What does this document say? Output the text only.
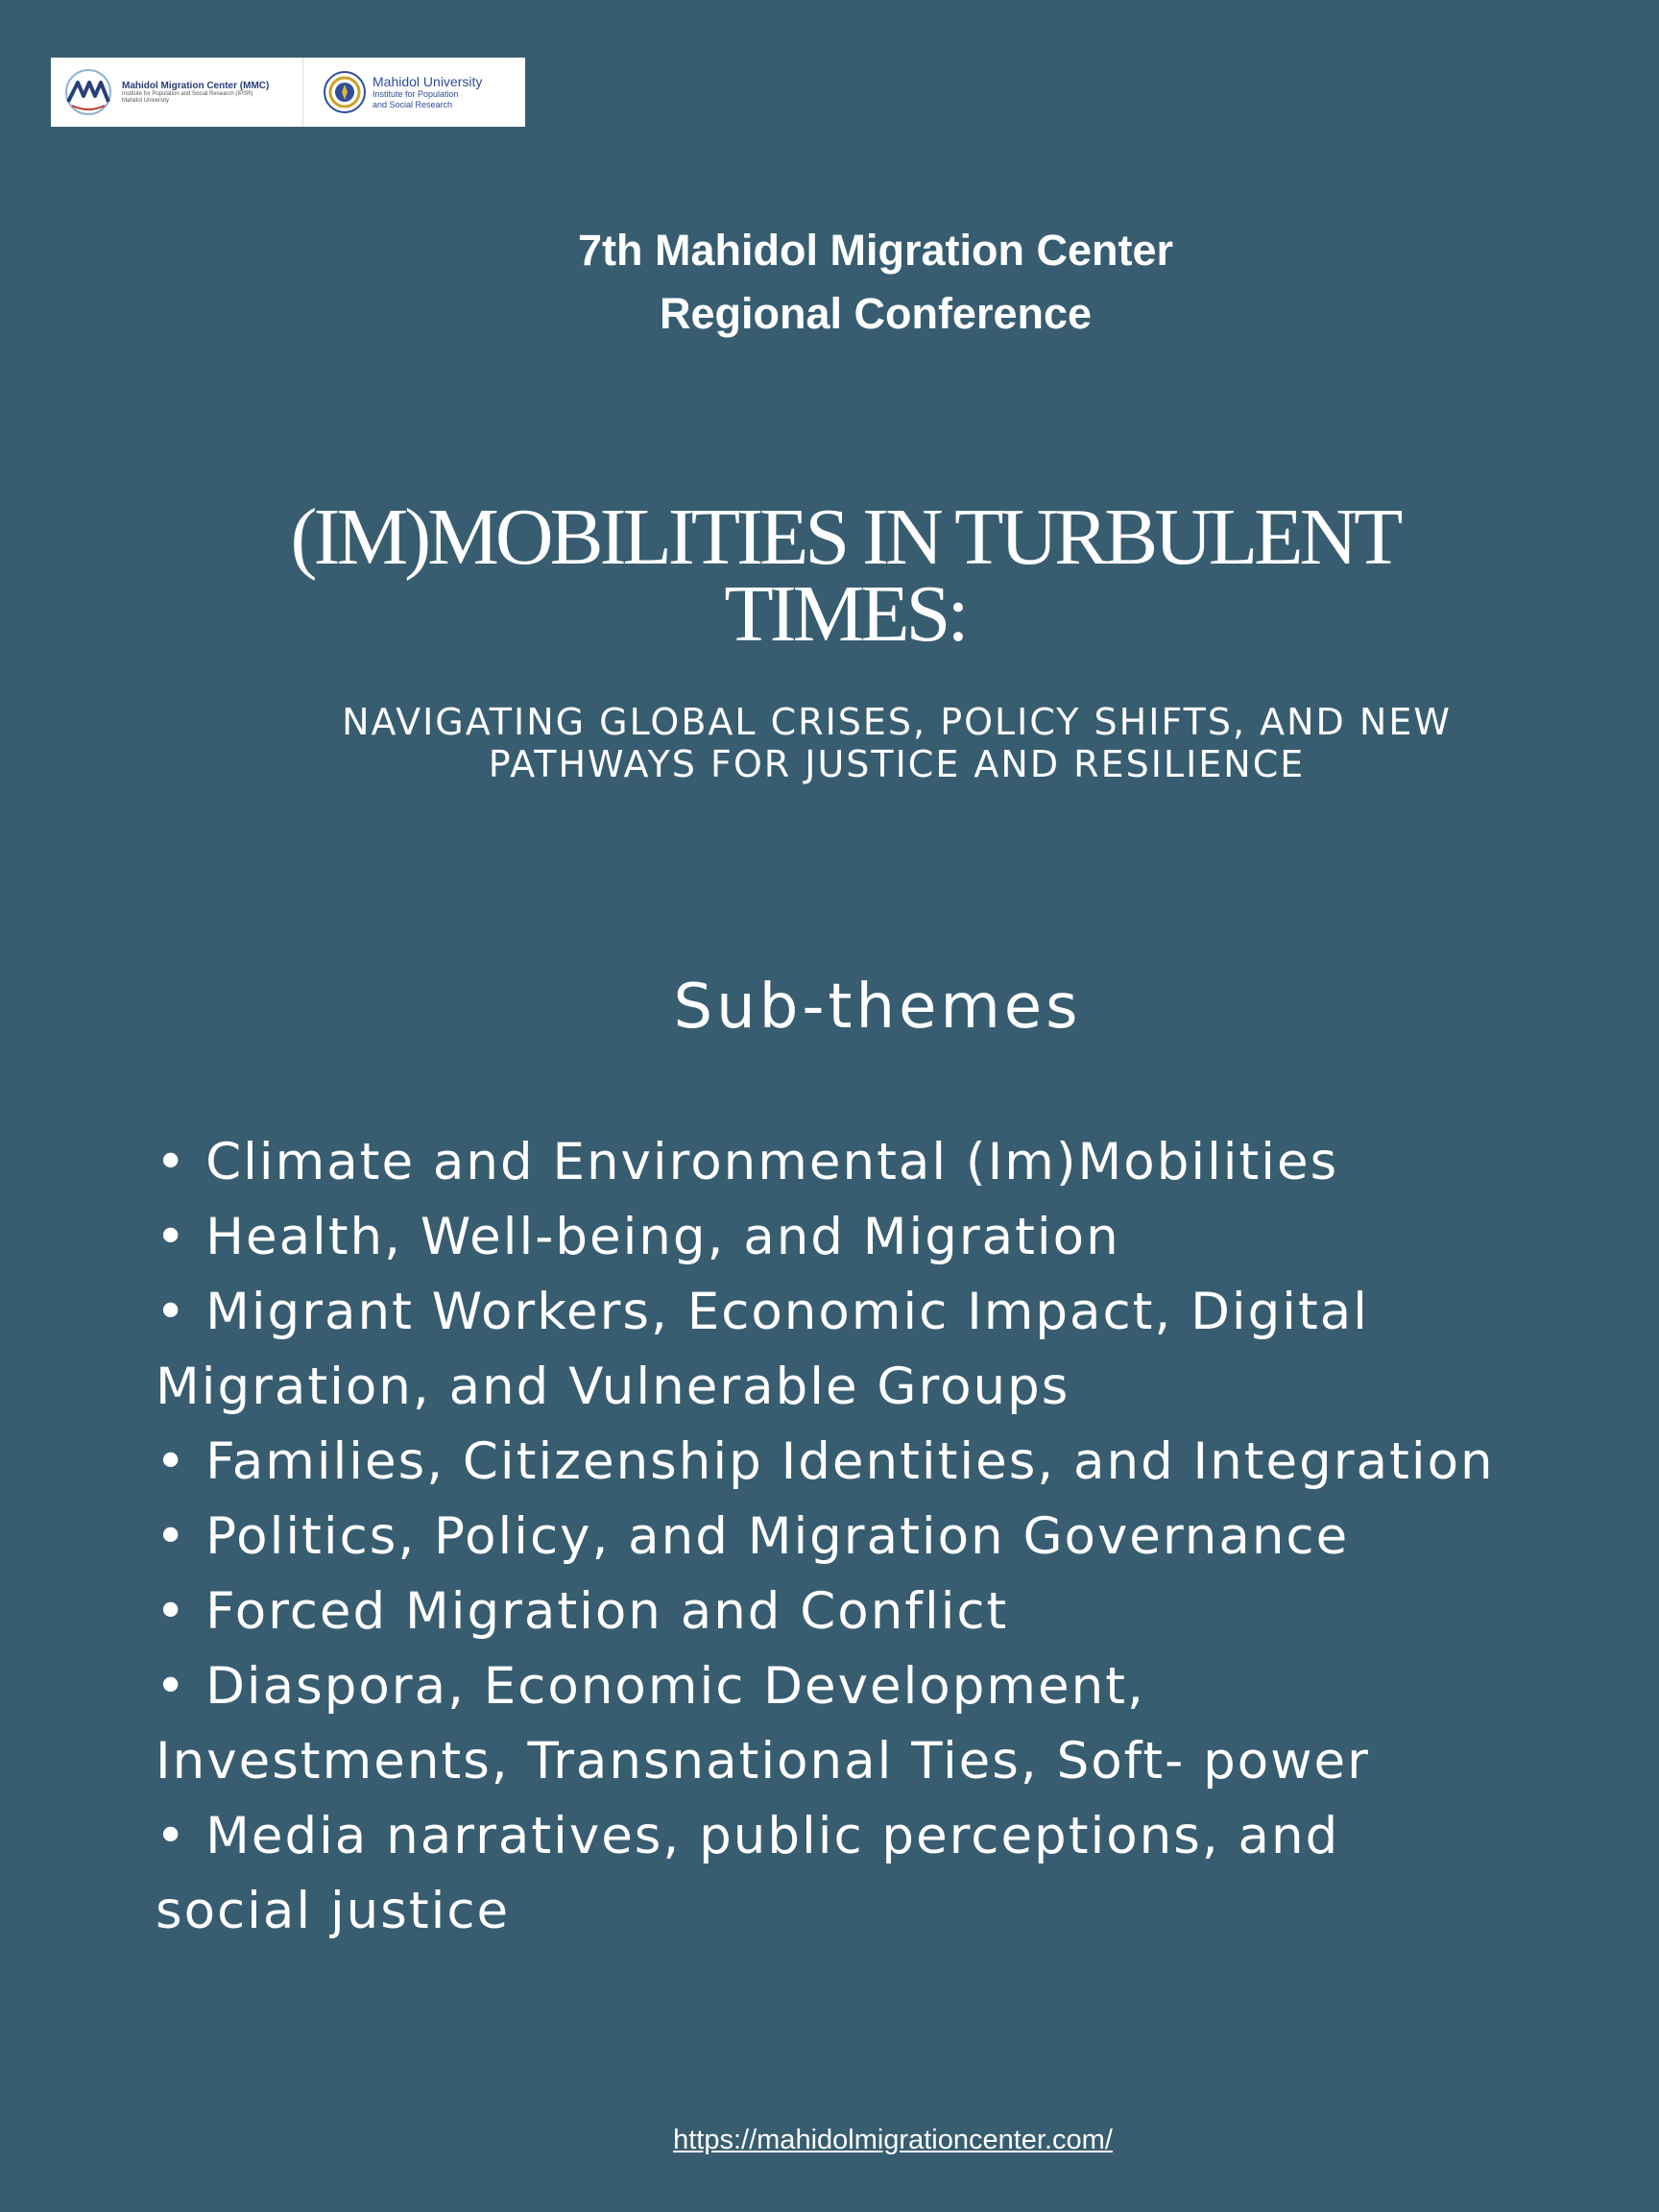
Mahidol Migration Center (MMC)
Institute for Population and Social Research (IPSR)
Mahidol University
Mahidol University
Institute for Population
and Social Research
7th Mahidol Migration Center
Regional Conference
(IM)MOBILITIES IN TURBULENT
TIMES:
NAVIGATING GLOBAL CRISES, POLICY SHIFTS, AND NEW
PATHWAYS FOR JUSTICE AND RESILIENCE
Sub-themes
• Climate and Environmental (Im)Mobilities
• Health, Well-being, and Migration
• Migrant Workers, Economic Impact, Digital
Migration, and Vulnerable Groups
• Families, Citizenship Identities, and Integration
• Politics, Policy, and Migration Governance
• Forced Migration and Conflict
• Diaspora, Economic Development,
Investments, Transnational Ties, Soft- power
• Media narratives, public perceptions, and
social justice
https://mahidolmigrationcenter.com/
